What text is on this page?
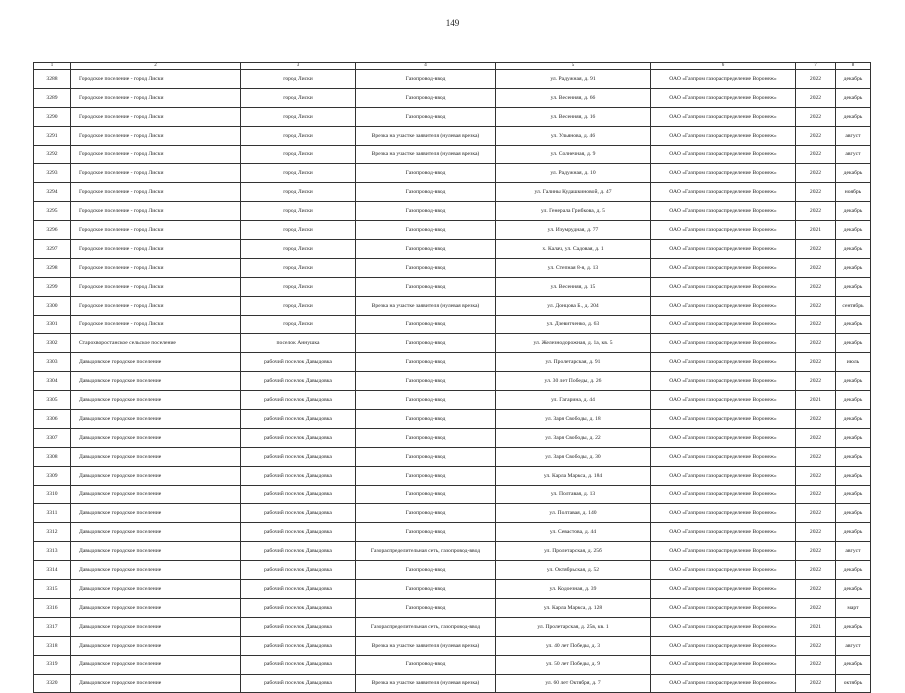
149
1	2	3	4	5	6	7	8
3288	Городское поселение - город Лиски	город Лиски	Газопровод-ввод	ул. Радужная, д. 91	ОАО «Газпром газораспределение Воронеж»	2022	декабрь
3289	Городское поселение - город Лиски	город Лиски	Газопровод-ввод	ул. Весенняя, д. 66	ОАО «Газпром газораспределение Воронеж»	2022	декабрь
3290	Городское поселение - город Лиски	город Лиски	Газопровод-ввод	ул. Весенняя, д. 16	ОАО «Газпром газораспределение Воронеж»	2022	декабрь
3291	Городское поселение - город Лиски	город Лиски	Врезка на участке заявителя (нулевая врезка)	ул. Ульянова, д. 46	ОАО «Газпром газораспределение Воронеж»	2022	август
3292	Городское поселение - город Лиски	город Лиски	Врезка на участке заявителя (нулевая врезка)	ул. Солнечная, д. 9	ОАО «Газпром газораспределение Воронеж»	2022	август
3293	Городское поселение - город Лиски	город Лиски	Газопровод-ввод	ул. Радужная, д. 10	ОАО «Газпром газораспределение Воронеж»	2022	декабрь
3294	Городское поселение - город Лиски	город Лиски	Газопровод-ввод	ул. Галины Кудашкиновой, д. 47	ОАО «Газпром газораспределение Воронеж»	2022	ноябрь
3295	Городское поселение - город Лиски	город Лиски	Газопровод-ввод	ул. Генерала Грибкова, д. 5	ОАО «Газпром газораспределение Воронеж»	2022	декабрь
3296	Городское поселение - город Лиски	город Лиски	Газопровод-ввод	ул. Изумрудная, д. 77	ОАО «Газпром газораспределение Воронеж»	2021	декабрь
3297	Городское поселение - город Лиски	город Лиски	Газопровод-ввод	х. Калач, ул. Садовая, д. 1	ОАО «Газпром газораспределение Воронеж»	2022	декабрь
3298	Городское поселение - город Лиски	город Лиски	Газопровод-ввод	ул. Степная 8-я, д. 13	ОАО «Газпром газораспределение Воронеж»	2022	декабрь
3299	Городское поселение - город Лиски	город Лиски	Газопровод-ввод	ул. Весенняя, д. 15	ОАО «Газпром газораспределение Воронеж»	2022	декабрь
3300	Городское поселение - город Лиски	город Лиски	Врезка на участке заявителя (нулевая врезка)	ул. Донцова Б., д. 204	ОАО «Газпром газораспределение Воронеж»	2022	сентябрь
3301	Городское поселение - город Лиски	город Лиски	Газопровод-ввод	ул. Дзевитченко, д. 63	ОАО «Газпром газораспределение Воронеж»	2022	декабрь
3302	Старохворостанское сельское поселение	поселок Аннушка	Газопровод-ввод	ул. Железнодорожная, д. 1а, кв. 5	ОАО «Газпром газораспределение Воронеж»	2022	декабрь
3303	Давыдовское городское поселение	рабочий поселок Давыдовка	Газопровод-ввод	ул. Пролетарская, д. 91	ОАО «Газпром газораспределение Воронеж»	2022	июль
3304	Давыдовское городское поселение	рабочий поселок Давыдовка	Газопровод-ввод	ул. 30 лет Победы, д. 26	ОАО «Газпром газораспределение Воронеж»	2022	декабрь
3305	Давыдовское городское поселение	рабочий поселок Давыдовка	Газопровод-ввод	ул. Гагарина, д. 44	ОАО «Газпром газораспределение Воронеж»	2021	декабрь
3306	Давыдовское городское поселение	рабочий поселок Давыдовка	Газопровод-ввод	ул. Заря Свободы, д. 18	ОАО «Газпром газораспределение Воронеж»	2022	декабрь
3307	Давыдовское городское поселение	рабочий поселок Давыдовка	Газопровод-ввод	ул. Заря Свободы, д. 22	ОАО «Газпром газораспределение Воронеж»	2022	декабрь
3308	Давыдовское городское поселение	рабочий поселок Давыдовка	Газопровод-ввод	ул. Заря Свободы, д. 30	ОАО «Газпром газораспределение Воронеж»	2022	декабрь
3309	Давыдовское городское поселение	рабочий поселок Давыдовка	Газопровод-ввод	ул. Карла Маркса, д. 184	ОАО «Газпром газораспределение Воронеж»	2022	декабрь
3310	Давыдовское городское поселение	рабочий поселок Давыдовка	Газопровод-ввод	ул. Полтавая, д. 13	ОАО «Газпром газораспределение Воронеж»	2022	декабрь
3311	Давыдовское городское поселение	рабочий поселок Давыдовка	Газопровод-ввод	ул. Полтавая, д. 140	ОАО «Газпром газораспределение Воронеж»	2022	декабрь
3312	Давыдовское городское поселение	рабочий поселок Давыдовка	Газопровод-ввод	ул. Севастова, д. 44	ОАО «Газпром газораспределение Воронеж»	2022	декабрь
3313	Давыдовское городское поселение	рабочий поселок Давыдовка	Газораспределительная сеть, газопровод-ввод	ул. Пролетарская, д. 25б	ОАО «Газпром газораспределение Воронеж»	2022	август
3314	Давыдовское городское поселение	рабочий поселок Давыдовка	Газопровод-ввод	ул. Октябрьская, д. 52	ОАО «Газпром газораспределение Воронеж»	2022	декабрь
3315	Давыдовское городское поселение	рабочий поселок Давыдовка	Газопровод-ввод	ул. Кодоезная, д. 39	ОАО «Газпром газораспределение Воронеж»	2022	декабрь
3316	Давыдовское городское поселение	рабочий поселок Давыдовка	Газопровод-ввод	ул. Карла Маркса, д. 128	ОАО «Газпром газораспределение Воронеж»	2022	март
3317	Давыдовское городское поселение	рабочий поселок Давыдовка	Газораспределительная сеть, газопровод-ввод	ул. Пролетарская, д. 25в, кв. 1	ОАО «Газпром газораспределение Воронеж»	2021	декабрь
3318	Давыдовское городское поселение	рабочий поселок Давыдовка	Врезка на участке заявителя (нулевая врезка)	ул. 40 лет Победы, д. 3	ОАО «Газпром газораспределение Воронеж»	2022	август
3319	Давыдовское городское поселение	рабочий поселок Давыдовка	Газопровод-ввод	ул. 50 лет Победы, д. 9	ОАО «Газпром газораспределение Воронеж»	2022	декабрь
3320	Давыдовское городское поселение	рабочий поселок Давыдовка	Врезка на участке заявителя (нулевая врезка)	ул. 60 лет Октября, д. 7	ОАО «Газпром газораспределение Воронеж»	2022	октябрь
